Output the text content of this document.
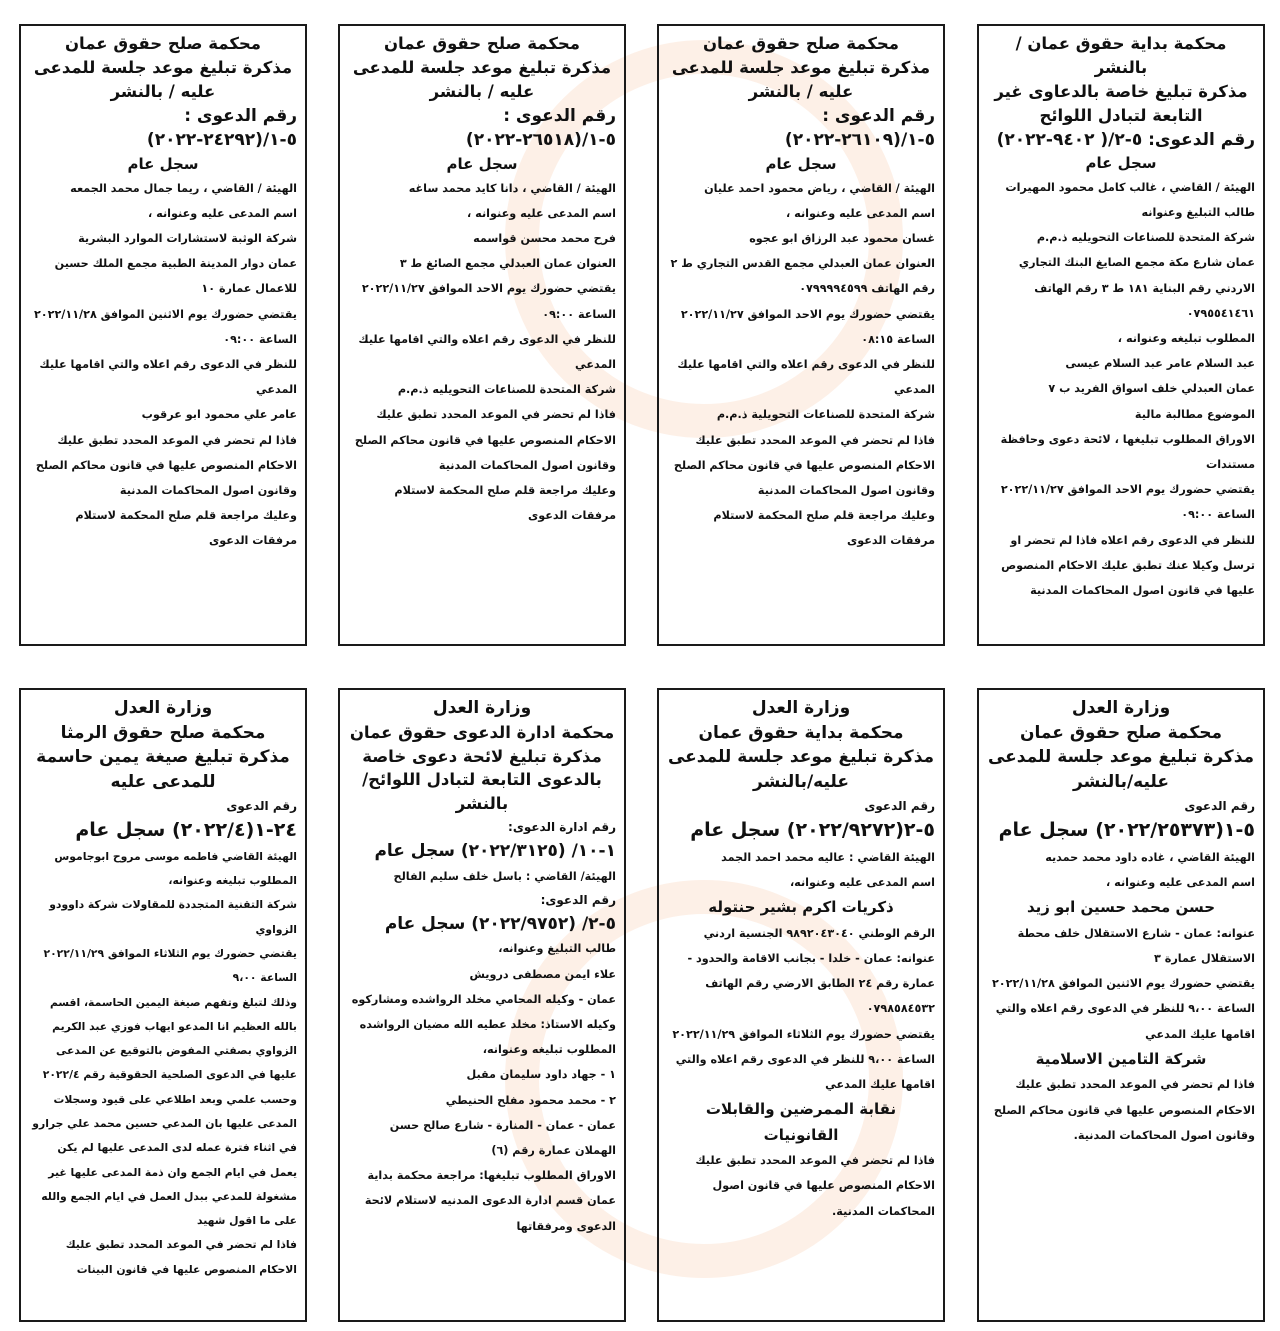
محكمة بداية حقوق عمان / بالنشر
مذكرة تبليغ خاصة بالدعاوى غير التابعة لتبادل اللوائح
رقم الدعوى: ٥-٢/( ٩٤٠٢-٢٠٢٢)
سجل عام
الهيئة / القاضي ، غالب كامل محمود المهيرات
طالب التبليغ وعنوانه
شركة المتحدة للصناعات التحويليه ذ.م.م
عمان شارع مكة مجمع الصايغ البنك التجاري الاردني رقم البناية ١٨١ ط ٣ رقم الهاتف ٠٧٩٥٥٤١٤٦١
المطلوب تبليغه وعنوانه ،
عبد السلام عامر عبد السلام عيسى
عمان العبدلي خلف اسواق الفريد ب ٧
الموضوع مطالبة مالية
الاوراق المطلوب تبليغها ، لائحة دعوى وحافظة مستندات
يقتضي حضورك يوم الاحد الموافق ٢٠٢٢/١١/٢٧ الساعة ٠٩:٠٠
للنظر في الدعوى رقم اعلاه فاذا لم تحضر او ترسل وكيلا عنك تطبق عليك الاحكام المنصوص عليها في قانون اصول المحاكمات المدنية
محكمة صلح حقوق عمان
مذكرة تبليغ موعد جلسة للمدعى عليه / بالنشر
رقم الدعوى : ٥-١/(٢٦١٠٩-٢٠٢٢)
سجل عام
الهيئة / القاضي ، رياض محمود احمد عليان
اسم المدعى عليه وعنوانه ،
غسان محمود عبد الرزاق ابو عجوه
العنوان عمان العبدلي مجمع القدس التجاري ط ٢ رقم الهاتف ٠٧٩٩٩٩٤٥٩٩
يقتضي حضورك يوم الاحد الموافق ٢٠٢٢/١١/٢٧ الساعة ٠٨:١٥
للنظر في الدعوى رقم اعلاه والتي اقامها عليك المدعي
شركة المتحدة للصناعات التحويلية ذ.م.م
فاذا لم تحضر في الموعد المحدد تطبق عليك الاحكام المنصوص عليها في قانون محاكم الصلح وقانون اصول المحاكمات المدنية
وعليك مراجعة قلم صلح المحكمة لاستلام مرفقات الدعوى
محكمة صلح حقوق عمان
مذكرة تبليغ موعد جلسة للمدعى عليه / بالنشر
رقم الدعوى : ٥-١/(٢٦٥١٨-٢٠٢٢)
سجل عام
الهيئة / القاضي ، دانا كايد محمد ساغه
اسم المدعى عليه وعنوانه ،
فرح محمد محسن قواسمه
العنوان عمان العبدلي مجمع الصائغ ط ٣
يقتضي حضورك يوم الاحد الموافق ٢٠٢٢/١١/٢٧ الساعة ٠٩:٠٠
للنظر في الدعوى رقم اعلاه والتي اقامها عليك المدعي
شركة المتحدة للصناعات التحويليه ذ.م.م
فاذا لم تحضر في الموعد المحدد تطبق عليك الاحكام المنصوص عليها في قانون محاكم الصلح وقانون اصول المحاكمات المدنية
وعليك مراجعة قلم صلح المحكمة لاستلام مرفقات الدعوى
محكمة صلح حقوق عمان
مذكرة تبليغ موعد جلسة للمدعى عليه / بالنشر
رقم الدعوى : ٥-١/(٢٤٢٩٢-٢٠٢٢)
سجل عام
الهيئة / القاضي ، ريما جمال محمد الجمعه
اسم المدعى عليه وعنوانه ،
شركة الوثبة لاستشارات الموارد البشرية
عمان دوار المدينة الطبية مجمع الملك حسين للاعمال عمارة ١٠
يقتضي حضورك يوم الاثنين الموافق ٢٠٢٢/١١/٢٨ الساعة ٠٩:٠٠
للنظر في الدعوى رقم اعلاه والتي اقامها عليك المدعي
عامر علي محمود ابو عرقوب
فاذا لم تحضر في الموعد المحدد تطبق عليك الاحكام المنصوص عليها في قانون محاكم الصلح وقانون اصول المحاكمات المدنية
وعليك مراجعة قلم صلح المحكمة لاستلام مرفقات الدعوى
وزارة العدل
محكمة صلح حقوق عمان
مذكرة تبليغ موعد جلسة للمدعى عليه/بالنشر
رقم الدعوى
٥-١(٢٠٢٢/٢٥٣٧٣) سجل عام
الهيئة القاضي ، غاده داود محمد حمديه
اسم المدعى عليه وعنوانه ،
حسن محمد حسين ابو زيد
عنوانه: عمان - شارع الاستقلال خلف محطة الاستقلال عمارة ٣
يقتضي حضورك يوم الاثنين الموافق ٢٠٢٢/١١/٢٨ الساعة ٩،٠٠ للنظر في الدعوى رقم اعلاه والتي اقامها عليك المدعي
شركة التامين الاسلامية
فاذا لم تحضر في الموعد المحدد تطبق عليك الاحكام المنصوص عليها في قانون محاكم الصلح وقانون اصول المحاكمات المدنية.
وزارة العدل
محكمة بداية حقوق عمان
مذكرة تبليغ موعد جلسة للمدعى عليه/بالنشر
رقم الدعوى
٥-٢(٢٠٢٢/٩٢٧٢) سجل عام
الهيئة القاضي : عاليه محمد احمد الجمد
اسم المدعى عليه وعنوانه،
ذكريات اكرم بشير حنتوله
الرقم الوطني ٩٨٩٢٠٤٣٠٤٠ الجنسية اردني عنوانه: عمان - خلدا - بجانب الاقامة والحدود - عمارة رقم ٢٤ الطابق الارضي رقم الهاتف ٠٧٩٨٥٨٤٥٣٢
يقتضي حضورك يوم الثلاثاء الموافق ٢٠٢٢/١١/٢٩ الساعة ٩،٠٠ للنظر في الدعوى رقم اعلاه والتي اقامها عليك المدعي
نقابة الممرضين والقابلات القانونيات
فاذا لم تحضر في الموعد المحدد تطبق عليك الاحكام المنصوص عليها في قانون اصول المحاكمات المدنية.
وزارة العدل
محكمة ادارة الدعوى حقوق عمان
مذكرة تبليغ لائحة دعوى خاصة بالدعوى التابعة لتبادل اللوائح/بالنشر
رقم ادارة الدعوى:
١-١٠/ (٢٠٢٢/٣١٢٥) سجل عام
الهيئة/ القاضي : باسل خلف سليم الفالح
رقم الدعوى:
٥-٢/ (٢٠٢٢/٩٧٥٢) سجل عام
طالب التبليغ وعنوانه،
علاء ايمن مصطفى درويش
عمان - وكيله المحامي مخلد الرواشده ومشاركوه وكيله الاستاذ: مخلد عطيه الله مضيان الرواشده
المطلوب تبليغه وعنوانه،
١ - جهاد داود سليمان مقبل
٢ - محمد محمود مفلح الحنيطي
عمان - عمان - المنارة - شارع صالح حسن الهملان عمارة رقم (٦)
الاوراق المطلوب تبليغها: مراجعة محكمة بداية عمان قسم ادارة الدعوى المدنيه لاستلام لائحة الدعوى ومرفقاتها
وزارة العدل
محكمة صلح حقوق الرمثا
مذكرة تبليغ صيغة يمين حاسمة للمدعى عليه
رقم الدعوى
٢٤-١(٢٠٢٢/٤) سجل عام
الهيئة القاضي فاطمه موسى مروح ابوجاموس
المطلوب تبليغه وعنوانه،
شركة التقنية المتجددة للمقاولات شركة داوودو الزواوي
يقتضي حضورك يوم الثلاثاء الموافق ٢٠٢٢/١١/٢٩ الساعة ٩،٠٠
وذلك لتبلغ وتفهم صيغة اليمين الحاسمة، اقسم بالله العظيم انا المدعو ايهاب فوزي عبد الكريم الزواوي بصفتي المفوض بالتوقيع عن المدعى عليها في الدعوى الصلحية الحقوقية رقم ٢٠٢٢/٤ وحسب علمي وبعد اطلاعي على قيود وسجلات المدعى عليها بان المدعي حسين محمد علي جرارو في اثناء فترة عمله لدى المدعى عليها لم يكن يعمل في ايام الجمع وان ذمة المدعى عليها غير مشغولة للمدعي ببدل العمل في ايام الجمع والله على ما اقول شهيد
فاذا لم تحضر في الموعد المحدد تطبق عليك الاحكام المنصوص عليها في قانون البينات
